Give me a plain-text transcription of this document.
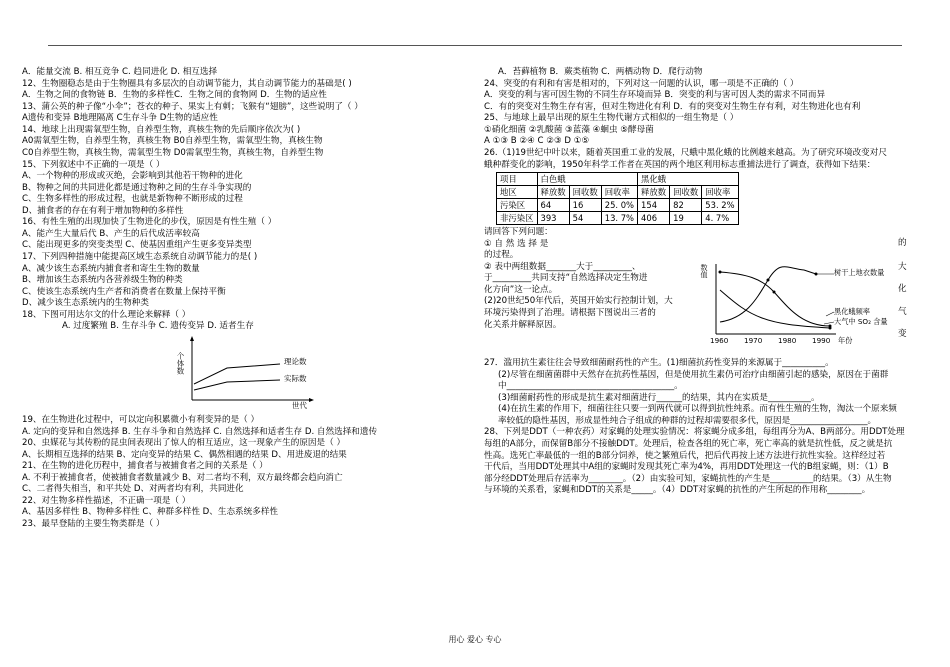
A．能量交流 B. 相互竞争 C. 趋同进化 D. 相互选择
12、生物圈稳态是由于生物圈具有多层次的自动调节能力，其自动调节能力的基础是( )
A．生物之间的食物链 B．生物的多样性C．生物之间的食物网 D．生物的适应性
13、蒲公英的种子像“小伞”；苍衣的种子、果实上有刺；飞猴有“翅膀”，这些说明了（ ）
A遗传和变异 B地理隔离 C生存斗争 D生物的适应性
14、地球上出现需氧型生物，自养型生物，真核生物的先后顺序依次为( )
A0需氧型生物，自养型生物，真核生物 B0自养型生物，需氧型生物，真核生物
C0自养型生物，真核生物，需氧型生物 D0需氧型生物，真核生物，自养型生物
15、下列叙述中不正确的一项是（ ）
A、一个物种的形成或灭绝，会影响到其他若干物种的进化
B、物种之间的共同进化都是通过物种之间的生存斗争实现的
C、生物多样性的形成过程，也就是新物种不断形成的过程
D、捕食者的存在有利于增加物种的多样性
16、有性生殖的出现加快了生物进化的步伐，原因是有性生殖（ ）
A、能产生大量后代 B、产生的后代成活率较高
C、能出现更多的突变类型 C、使基因重组产生更多变异类型
17、下列四种措施中能提高区域生态系统自动调节能力的是( )
A、减少该生态系统内捕食者和寄生生物的数量
B、增加该生态系统内各营养级生物的种类
C、使该生态系统内生产者和消费者在数量上保持平衡
D、减少该生态系统内的生物种类
18、下图可用达尔文的什么理论来解释（ ）
A. 过度繁殖 B. 生存斗争 C. 遗传变异 D. 适者生存
个体数	理论数
实际数
世代
19、在生物进化过程中，可以定向积累微小有利变异的是（ ）
A. 定向的变异和自然选择 B. 生存斗争和自然选择 C. 自然选择和适者生存 D. 自然选择和遗传
20、虫媒花与其传粉的昆虫间表现出了惊人的相互适应，这一现象产生的原因是（ ）
A、长期相互选择的结果 B、定向变异的结果 C、偶然相遇的结果 D、用进废退的结果
21、在生物的进化历程中，捕食者与被捕食者之间的关系是（ ）
A. 不利于被捕食者，使被捕食者数量减少 B、对二者均不利，双方最终都会趋向消亡
C、二者得失相当，和平共处 D、对两者均有利，共同进化
22、对生物多样性描述，不正确一项是（ ）
A、基因多样性 B、物种多样性 C、种群多样性 D、生态系统多样性
23、最早登陆的主要生物类群是（ ）
A．苔藓植物 B．蕨类植物 C．两栖动物 D．爬行动物
24、突变的有利和有害是相对的，下列对这一问题的认识，哪一项是不正确的（ ）
A．突变的利与害可因生物的不同生存环境而异 B．突变的利与害可因人类的需求不同而异
C．有的突变对生物生存有害，但对生物进化有利 D．有的突变对生物生存有利，对生物进化也有利
25、与地球上最早出现的原生生物代谢方式相似的一组生物是（ ）
①硝化细菌 ②乳酸菌 ③蓝藻 ④蛔虫 ⑤酵母菌
A ①③ B ②④ C ②③ D ①⑤
26.（1)19世纪中叶以来，随着英国重工业的发展，尺蛾中黑化蛾的比例越来越高。为了研究环境改变对尺
蛾种群变化的影响，1950年科学工作者在英国的两个地区利用标志重捕法进行了调查，获得如下结果：
项目	白色蛾			黑化蛾		
地区	释放数	回收数	回收率	释放数	回收数	回收率
污染区	64	16	25. 0%	154	82	53. 2%
非污染区	393	54	13. 7%	406	19	4. 7%
请回答下列问题：
① 自 然 选 择 是
的过程。
② 表中两组数据_______大于_________、
于_________共同支持“自然选择决定生物进
化方向”这一论点。
(2)20世纪50年代后，英国开始实行控制计划，大
环境污染得到了治理。请根据下图说出三者的
化关系并解释原因。
的
大
化
气
变
27．滥用抗生素往往会导致细菌耐药性的产生。(1)细菌抗药性变异的来源属于__________。
(2)尽管在细菌菌群中天然存在抗药性基因，但是使用抗生素仍可治疗由细菌引起的感染，原因在于菌群
中_______________________________________。
(3)细菌耐药性的形成是抗生素对细菌进行______的结果，其内在实质是__________。
(4)在抗生素的作用下，细菌往往只要一到两代就可以得到抗性纯系。而有性生殖的生物，淘汰一个原来频
率较低的隐性基因，形成显性纯合子组成的种群的过程却需要很多代，原因是__________________。
28、下列是DDT（一种农药）对家蝇的处理实验情况：将家蝇分成多组，每组再分为A、B两部分。用DDT处理
每组的A部分，而保留B部分不接触DDT。处理后，检查各组的死亡率，死亡率高的就是抗性低，反之就是抗
性高。选死亡率最低的一组的B部分饲养，使之繁殖后代，把后代再按上述方法进行抗性实验。这样经过若
干代后，当用DDT处理其中A组的家蝇时发现其死亡率为4%，再用DDT处理这一代的B组家蝇，则：（1）B
部分经DDT处理后存活率为________。（2）由实验可知，家蝇抗性的产生是__________的结果。（3）从生物
与环境的关系看，家蝇和DDT的关系是_____。（4）DDT对家蝇的抗性的产生所起的作用称________。
数值	树干上地衣数量
黑化蛾频率
大气中 SO₂ 含量
1960 1970 1980 1990 年份
用心 爱心 专心
